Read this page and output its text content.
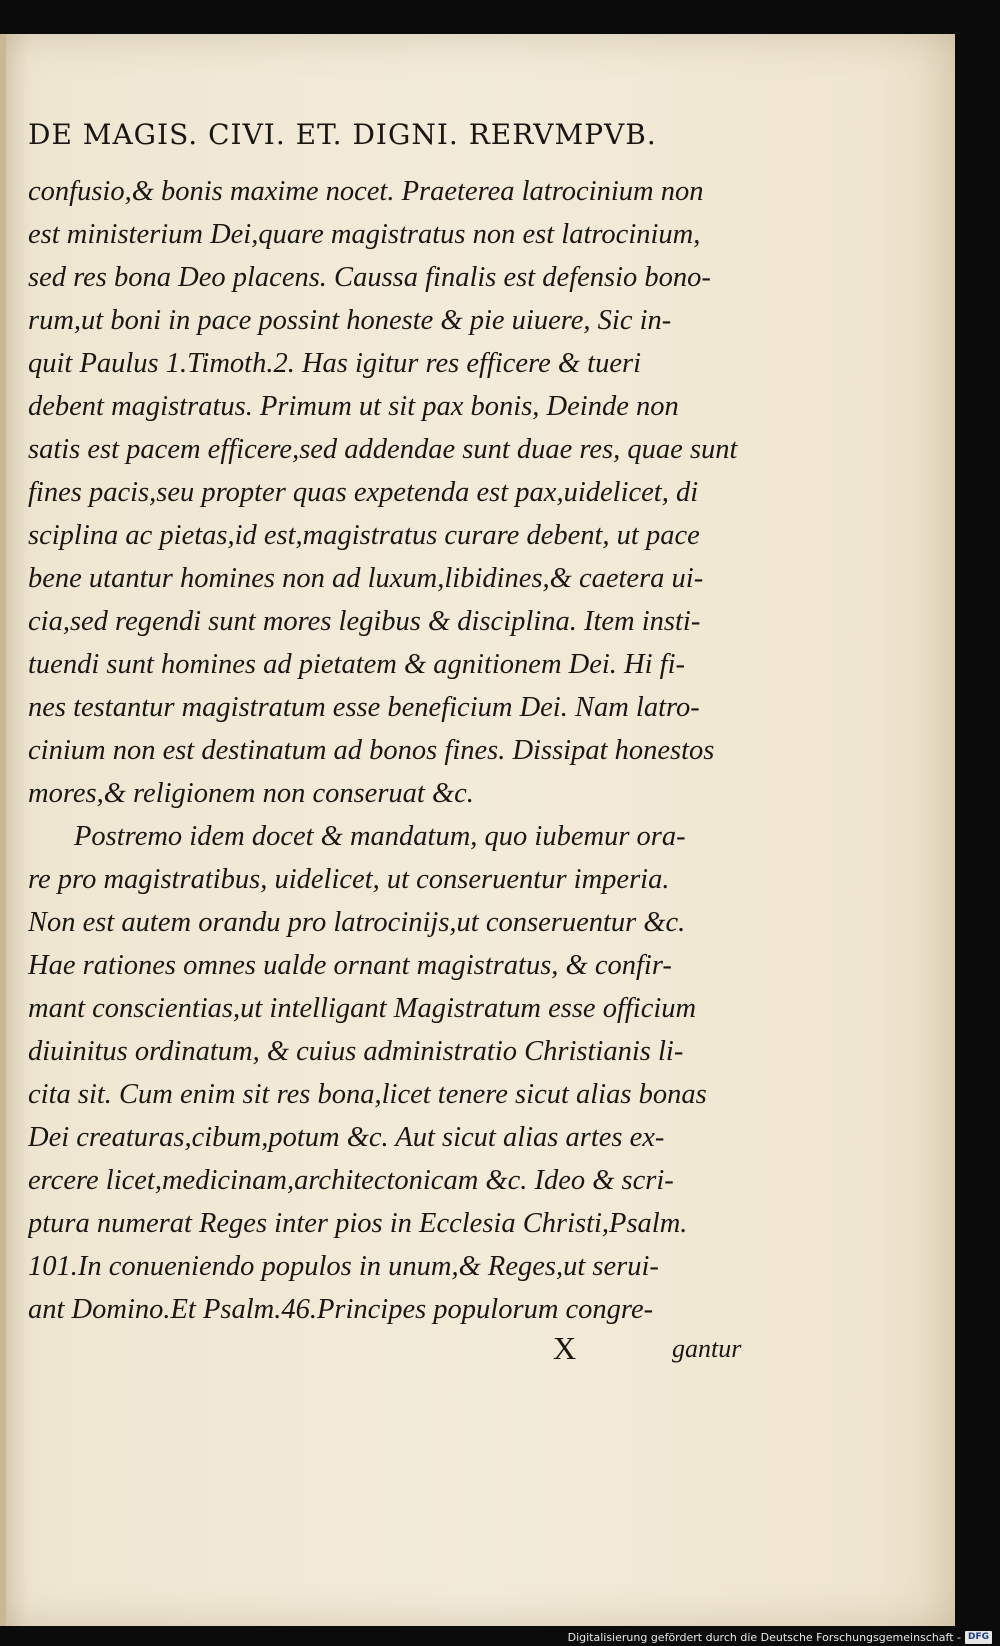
DE MAGIS. CIVI. ET. DIGNI. RERVMPVB.
confusio,& bonis maxime nocet. Praeterea latrocinium non
est ministerium Dei,quare magistratus non est latrocinium,
sed res bona Deo placens. Caussa finalis est defensio bono-
rum,ut boni in pace possint honeste & pie uiuere, Sic in-
quit Paulus 1.Timoth.2. Has igitur res efficere & tueri
debent magistratus. Primum ut sit pax bonis, Deinde non
satis est pacem efficere,sed addendae sunt duae res, quae sunt
fines pacis,seu propter quas expetenda est pax,uidelicet, di
sciplina ac pietas,id est,magistratus curare debent, ut pace
bene utantur homines non ad luxum,libidines,& caetera ui-
cia,sed regendi sunt mores legibus & disciplina. Item insti-
tuendi sunt homines ad pietatem & agnitionem Dei. Hi fi-
nes testantur magistratum esse beneficium Dei. Nam latro-
cinium non est destinatum ad bonos fines. Dissipat honestos
mores,& religionem non conseruat &c.
Postremo idem docet & mandatum, quo iubemur ora-
re pro magistratibus, uidelicet, ut conseruentur imperia.
Non est autem orandu pro latrocinijs,ut conseruentur &c.
Hae rationes omnes ualde ornant magistratus, & confir-
mant conscientias,ut intelligant Magistratum esse officium
diuinitus ordinatum, & cuius administratio Christianis li-
cita sit. Cum enim sit res bona,licet tenere sicut alias bonas
Dei creaturas,cibum,potum &c. Aut sicut alias artes ex-
ercere licet,medicinam,architectonicam &c. Ideo & scri-
ptura numerat Reges inter pios in Ecclesia Christi,Psalm.
101.In conueniendo populos in unum,& Reges,ut serui-
ant Domino.Et Psalm.46.Principes populorum congre-
X	gantur
Digitalisierung gefördert durch die Deutsche Forschungsgemeinschaft - DFG
